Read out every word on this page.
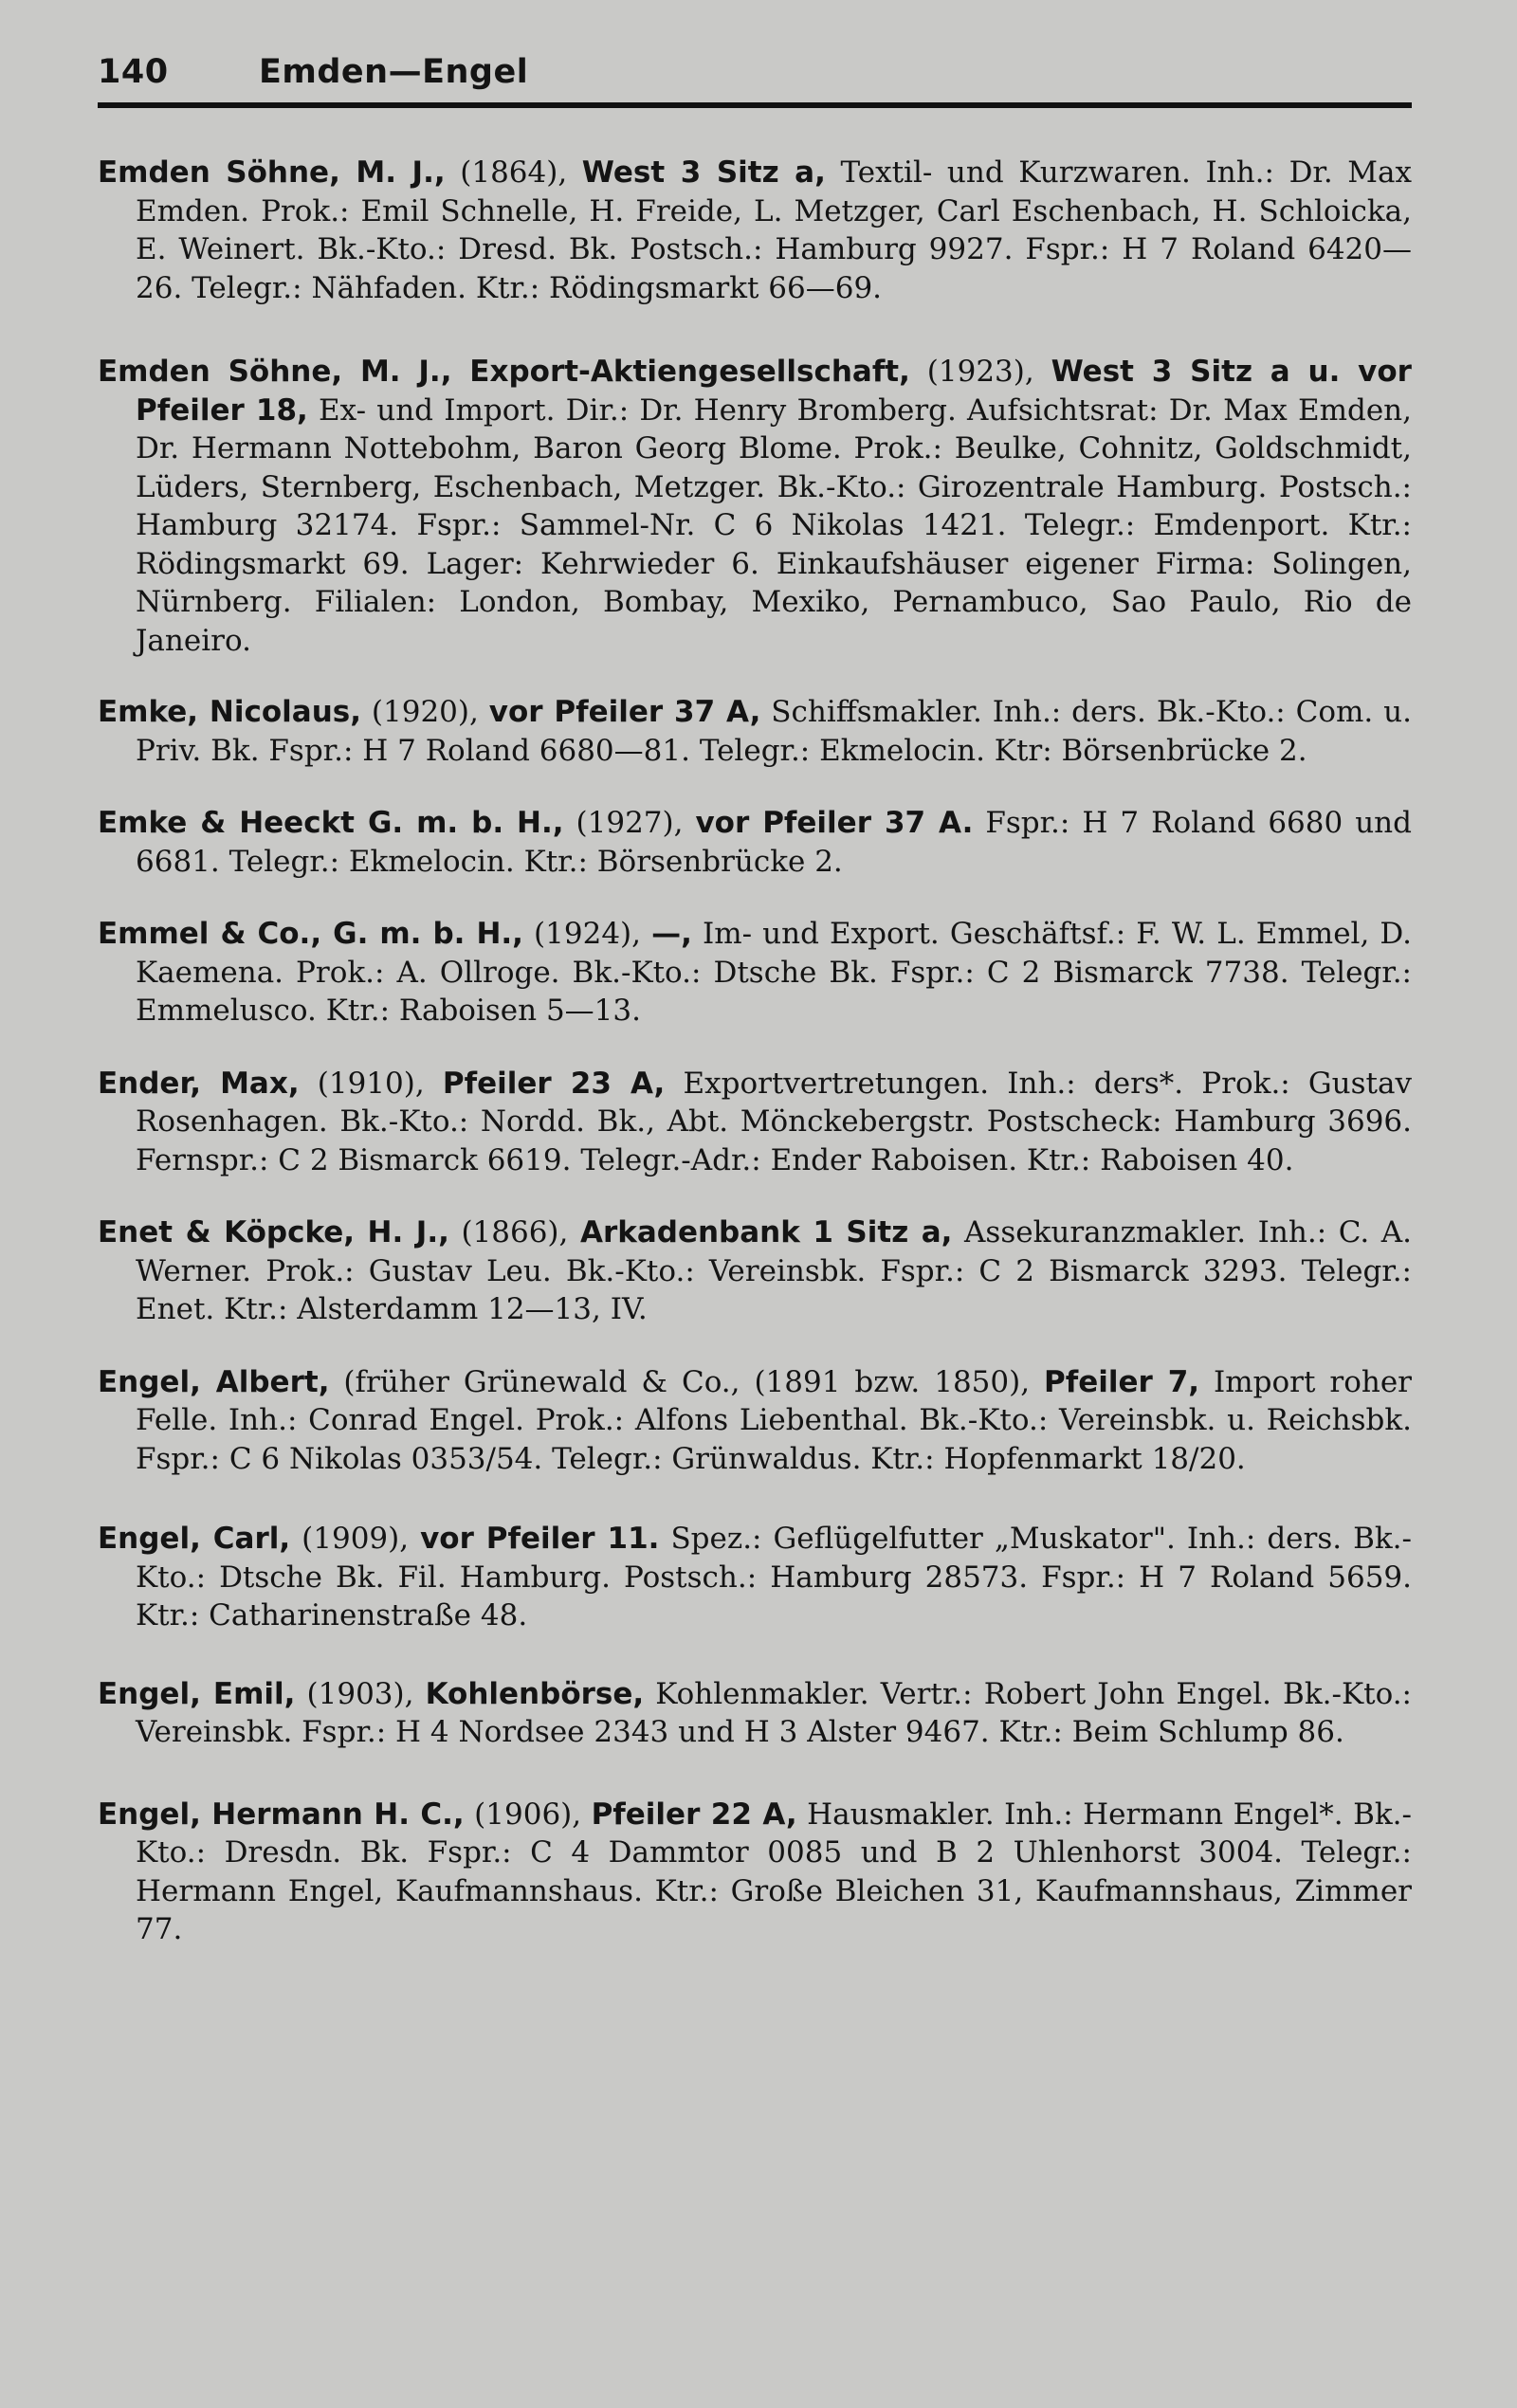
140	Emden—Engel

Emden Söhne, M. J., (1864), West 3 Sitz a, Textil- und Kurzwaren. Inh.: Dr. Max Emden. Prok.: Emil Schnelle, H. Freide, L. Metzger, Carl Eschenbach, H. Schloicka, E. Weinert. Bk.-Kto.: Dresd. Bk. Postsch.: Hamburg 9927. Fspr.: H 7 Roland 6420—26. Telegr.: Nähfaden. Ktr.: Rödingsmarkt 66—69.

Emden Söhne, M. J., Export-Aktiengesellschaft, (1923), West 3 Sitz a u. vor Pfeiler 18, Ex- und Import. Dir.: Dr. Henry Bromberg. Aufsichtsrat: Dr. Max Emden, Dr. Hermann Nottebohm, Baron Georg Blome. Prok.: Beulke, Cohnitz, Goldschmidt, Lüders, Sternberg, Eschenbach, Metzger. Bk.-Kto.: Girozentrale Hamburg. Postsch.: Hamburg 32174. Fspr.: Sammel-Nr. C 6 Nikolas 1421. Telegr.: Emdenport. Ktr.: Rödingsmarkt 69. Lager: Kehrwieder 6. Einkaufshäuser eigener Firma: Solingen, Nürnberg. Filialen: London, Bombay, Mexiko, Pernambuco, Sao Paulo, Rio de Janeiro.

Emke, Nicolaus, (1920), vor Pfeiler 37 A, Schiffsmakler. Inh.: ders. Bk.-Kto.: Com. u. Priv. Bk. Fspr.: H 7 Roland 6680—81. Telegr.: Ekmelocin. Ktr: Börsenbrücke 2.

Emke & Heeckt G. m. b. H., (1927), vor Pfeiler 37 A. Fspr.: H 7 Roland 6680 und 6681. Telegr.: Ekmelocin. Ktr.: Börsenbrücke 2.

Emmel & Co., G. m. b. H., (1924), —, Im- und Export. Geschäftsf.: F. W. L. Emmel, D. Kaemena. Prok.: A. Ollroge. Bk.-Kto.: Dtsche Bk. Fspr.: C 2 Bismarck 7738. Telegr.: Emmelusco. Ktr.: Raboisen 5—13.

Ender, Max, (1910), Pfeiler 23 A, Exportvertretungen. Inh.: ders*. Prok.: Gustav Rosenhagen. Bk.-Kto.: Nordd. Bk., Abt. Mönckebergstr. Postscheck: Hamburg 3696. Fernspr.: C 2 Bismarck 6619. Telegr.-Adr.: Ender Raboisen. Ktr.: Raboisen 40.

Enet & Köpcke, H. J., (1866), Arkadenbank 1 Sitz a, Assekuranzmakler. Inh.: C. A. Werner. Prok.: Gustav Leu. Bk.-Kto.: Vereinsbk. Fspr.: C 2 Bismarck 3293. Telegr.: Enet. Ktr.: Alsterdamm 12—13, IV.

Engel, Albert, (früher Grünewald & Co., (1891 bzw. 1850), Pfeiler 7, Import roher Felle. Inh.: Conrad Engel. Prok.: Alfons Liebenthal. Bk.-Kto.: Vereinsbk. u. Reichsbk. Fspr.: C 6 Nikolas 0353/54. Telegr.: Grünwaldus. Ktr.: Hopfenmarkt 18/20.

Engel, Carl, (1909), vor Pfeiler 11. Spez.: Geflügelfutter „Muskator". Inh.: ders. Bk.-Kto.: Dtsche Bk. Fil. Hamburg. Postsch.: Hamburg 28573. Fspr.: H 7 Roland 5659. Ktr.: Catharinenstraße 48.

Engel, Emil, (1903), Kohlenbörse, Kohlenmakler. Vertr.: Robert John Engel. Bk.-Kto.: Vereinsbk. Fspr.: H 4 Nordsee 2343 und H 3 Alster 9467. Ktr.: Beim Schlump 86.

Engel, Hermann H. C., (1906), Pfeiler 22 A, Hausmakler. Inh.: Hermann Engel*. Bk.-Kto.: Dresdn. Bk. Fspr.: C 4 Dammtor 0085 und B 2 Uhlenhorst 3004. Telegr.: Hermann Engel, Kaufmannshaus. Ktr.: Große Bleichen 31, Kaufmannshaus, Zimmer 77.
